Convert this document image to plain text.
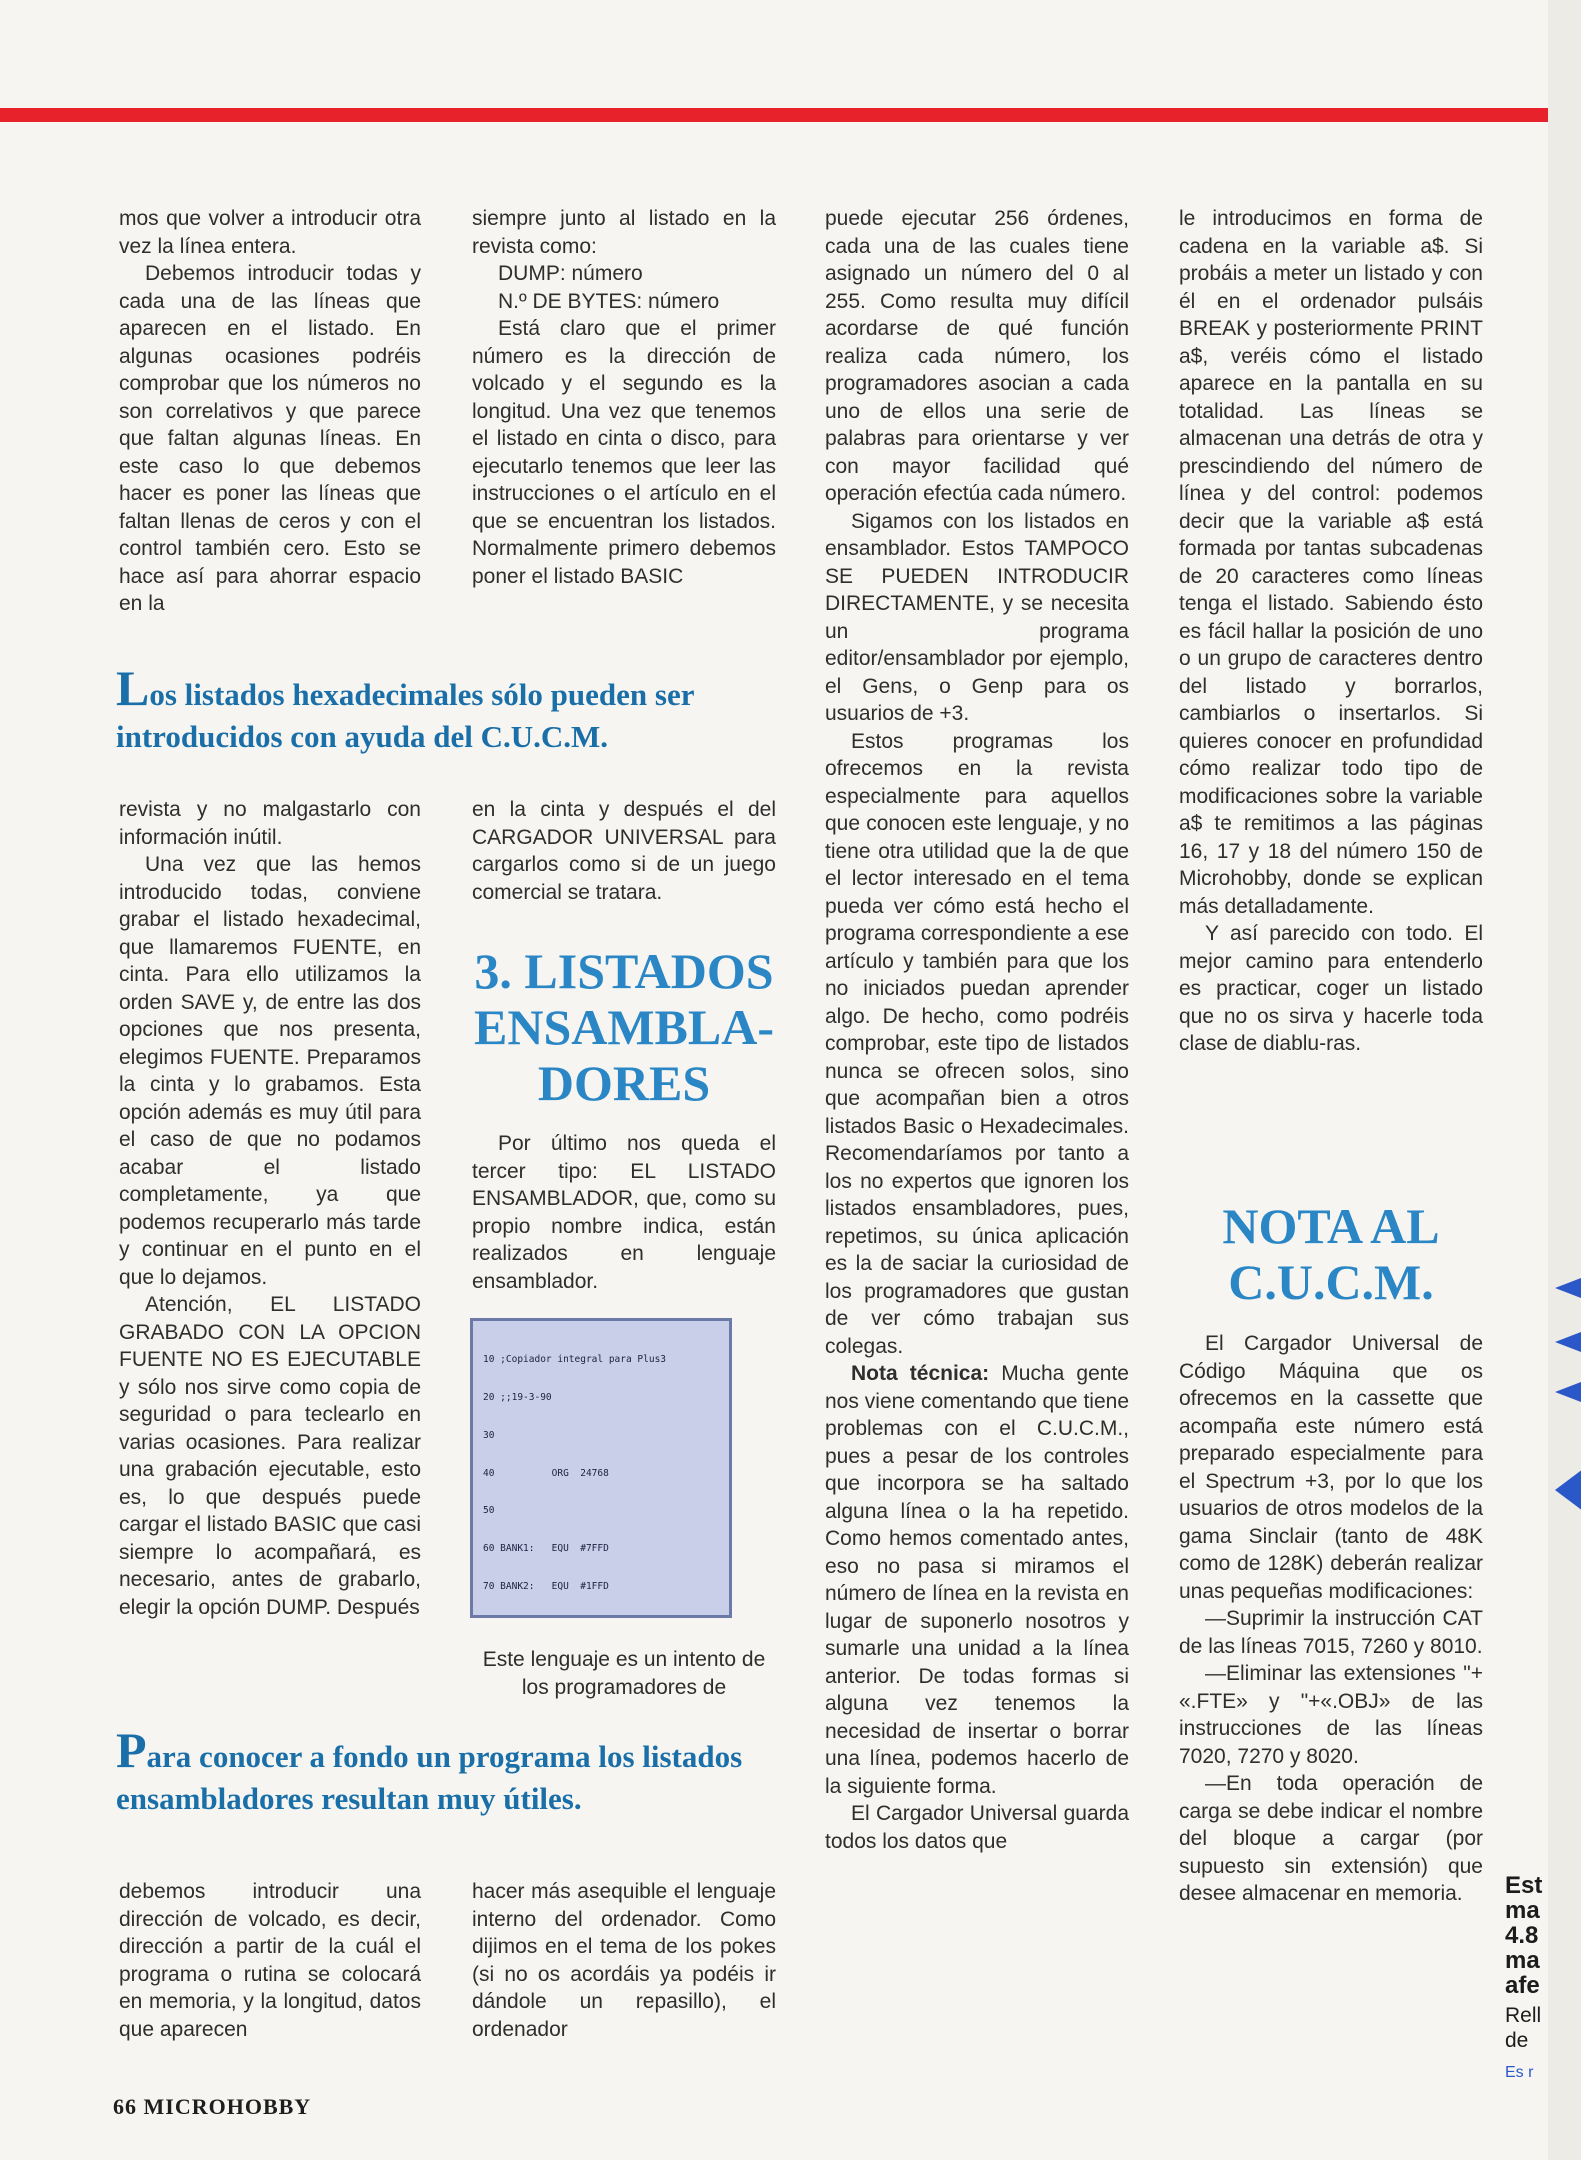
mos que volver a introducir otra vez la línea entera.

Debemos introducir todas y cada una de las líneas que aparecen en el listado. En algunas ocasiones podréis comprobar que los números no son correlativos y que parece que faltan algunas líneas. En este caso lo que debemos hacer es poner las líneas que faltan llenas de ceros y con el control también cero. Esto se hace así para ahorrar espacio en la

siempre junto al listado en la revista como:

DUMP: número

N.º DE BYTES: número

Está claro que el primer número es la dirección de volcado y el segundo es la longitud. Una vez que tenemos el listado en cinta o disco, para ejecutarlo tenemos que leer las instrucciones o el artículo en el que se encuentran los listados. Normalmente primero debemos poner el listado BASIC

Los listados hexadecimales sólo pueden ser introducidos con ayuda del C.U.C.M.

revista y no malgastarlo con información inútil.

Una vez que las hemos introducido todas, conviene grabar el listado hexadecimal, que llamaremos FUENTE, en cinta. Para ello utilizamos la orden SAVE y, de entre las dos opciones que nos presenta, elegimos FUENTE. Preparamos la cinta y lo grabamos. Esta opción además es muy útil para el caso de que no podamos acabar el listado completamente, ya que podemos recuperarlo más tarde y continuar en el punto en el que lo dejamos.

Atención, EL LISTADO GRABADO CON LA OPCION FUENTE NO ES EJECUTABLE y sólo nos sirve como copia de seguridad o para teclearlo en varias ocasiones. Para realizar una grabación ejecutable, esto es, lo que después puede cargar el listado BASIC que casi siempre lo acompañará, es necesario, antes de grabarlo, elegir la opción DUMP. Después

en la cinta y después el del CARGADOR UNIVERSAL para cargarlos como si de un juego comercial se tratara.

3. LISTADOS ENSAMBLA-DORES

Por último nos queda el tercer tipo: EL LISTADO ENSAMBLADOR, que, como su propio nombre indica, están realizados en lenguaje ensamblador.

10 ;Copiador integral para Plus3

20 ;;19-3-90

30

40          ORG  24768

50

60 BANK1:   EQU  #7FFD

70 BANK2:   EQU  #1FFD

Este lenguaje es un intento de los programadores de

Para conocer a fondo un programa los listados ensambladores resultan muy útiles.

debemos introducir una dirección de volcado, es decir, dirección a partir de la cuál el programa o rutina se colocará en memoria, y la longitud, datos que aparecen

hacer más asequible el lenguaje interno del ordenador. Como dijimos en el tema de los pokes (si no os acordáis ya podéis ir dándole un repasillo), el ordenador

puede ejecutar 256 órdenes, cada una de las cuales tiene asignado un número del 0 al 255. Como resulta muy difícil acordarse de qué función realiza cada número, los programadores asocian a cada uno de ellos una serie de palabras para orientarse y ver con mayor facilidad qué operación efectúa cada número.

Sigamos con los listados en ensamblador. Estos TAMPOCO SE PUEDEN INTRODUCIR DIRECTAMENTE, y se necesita un programa editor/ensamblador por ejemplo, el Gens, o Genp para os usuarios de +3.

Estos programas los ofrecemos en la revista especialmente para aquellos que conocen este lenguaje, y no tiene otra utilidad que la de que el lector interesado en el tema pueda ver cómo está hecho el programa correspondiente a ese artículo y también para que los no iniciados puedan aprender algo. De hecho, como podréis comprobar, este tipo de listados nunca se ofrecen solos, sino que acompañan bien a otros listados Basic o Hexadecimales. Recomendaríamos por tanto a los no expertos que ignoren los listados ensambladores, pues, repetimos, su única aplicación es la de saciar la curiosidad de los programadores que gustan de ver cómo trabajan sus colegas.

Nota técnica: Mucha gente nos viene comentando que tiene problemas con el C.U.C.M., pues a pesar de los controles que incorpora se ha saltado alguna línea o la ha repetido. Como hemos comentado antes, eso no pasa si miramos el número de línea en la revista en lugar de suponerlo nosotros y sumarle una unidad a la línea anterior. De todas formas si alguna vez tenemos la necesidad de insertar o borrar una línea, podemos hacerlo de la siguiente forma.

El Cargador Universal guarda todos los datos que

le introducimos en forma de cadena en la variable a$. Si probáis a meter un listado y con él en el ordenador pulsáis BREAK y posteriormente PRINT a$, veréis cómo el listado aparece en la pantalla en su totalidad. Las líneas se almacenan una detrás de otra y prescindiendo del número de línea y del control: podemos decir que la variable a$ está formada por tantas subcadenas de 20 caracteres como líneas tenga el listado. Sabiendo ésto es fácil hallar la posición de uno o un grupo de caracteres dentro del listado y borrarlos, cambiarlos o insertarlos. Si quieres conocer en profundidad cómo realizar todo tipo de modificaciones sobre la variable a$ te remitimos a las páginas 16, 17 y 18 del número 150 de Microhobby, donde se explican más detalladamente.

Y así parecido con todo. El mejor camino para entenderlo es practicar, coger un listado que no os sirva y hacerle toda clase de diablu-ras.

NOTA AL C.U.C.M.

El Cargador Universal de Código Máquina que os ofrecemos en la cassette que acompaña este número está preparado especialmente para el Spectrum +3, por lo que los usuarios de otros modelos de la gama Sinclair (tanto de 48K como de 128K) deberán realizar unas pequeñas modificaciones:

—Suprimir la instrucción CAT de las líneas 7015, 7260 y 8010.

—Eliminar las extensiones "+ «.FTE» y "+«.OBJ» de las instrucciones de las líneas 7020, 7270 y 8020.

—En toda operación de carga se debe indicar el nombre del bloque a cargar (por supuesto sin extensión) que desee almacenar en memoria.

66 MICROHOBBY
Est
ma
4.8
ma
afe
Rell
de
Es r
